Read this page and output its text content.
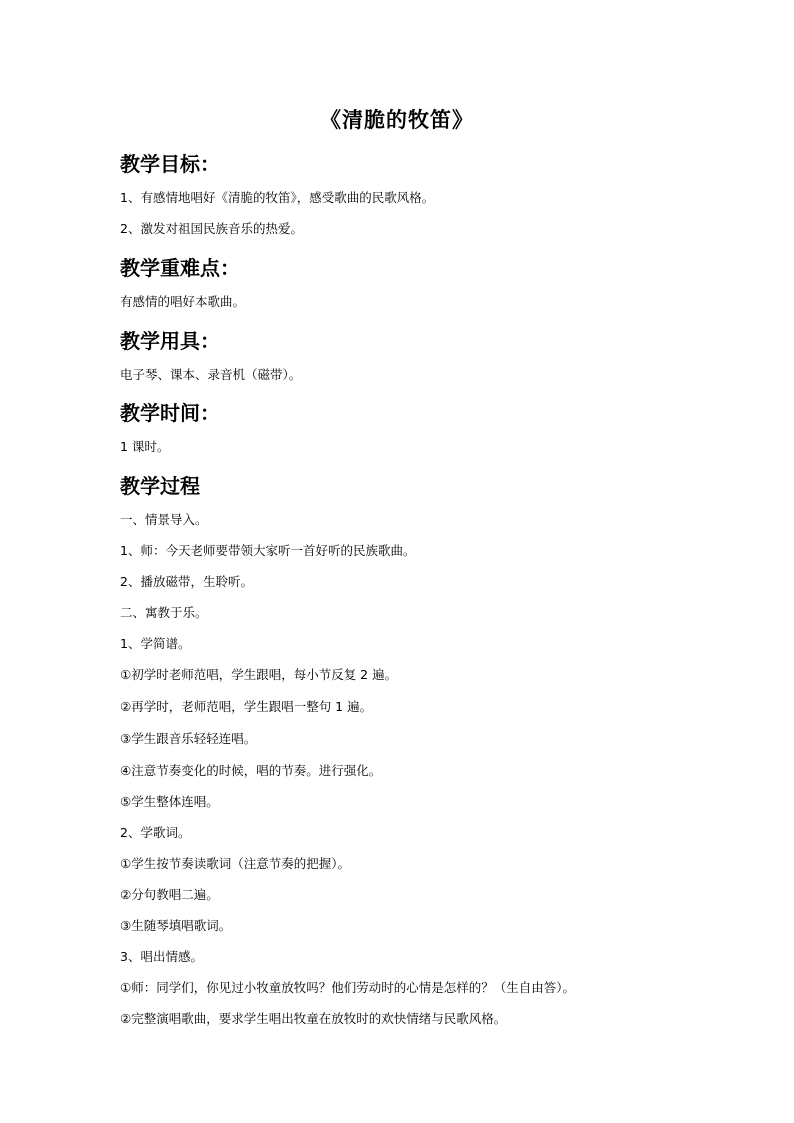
《清脆的牧笛》
教学目标：
1、有感情地唱好《清脆的牧笛》，感受歌曲的民歌风格。
2、激发对祖国民族音乐的热爱。
教学重难点：
有感情的唱好本歌曲。
教学用具：
电子琴、课本、录音机（磁带）。
教学时间：
1 课时。
教学过程
一、情景导入。
1、师：今天老师要带领大家听一首好听的民族歌曲。
2、播放磁带，生聆听。
二、寓教于乐。
1、学简谱。
①初学时老师范唱，学生跟唱，每小节反复 2 遍。
②再学时，老师范唱，学生跟唱一整句 1 遍。
③学生跟音乐轻轻连唱。
④注意节奏变化的时候，唱的节奏。进行强化。
⑤学生整体连唱。
2、学歌词。
①学生按节奏读歌词（注意节奏的把握）。
②分句教唱二遍。
③生随琴填唱歌词。
3、唱出情感。
①师：同学们，你见过小牧童放牧吗？他们劳动时的心情是怎样的？（生自由答）。
②完整演唱歌曲，要求学生唱出牧童在放牧时的欢快情绪与民歌风格。
